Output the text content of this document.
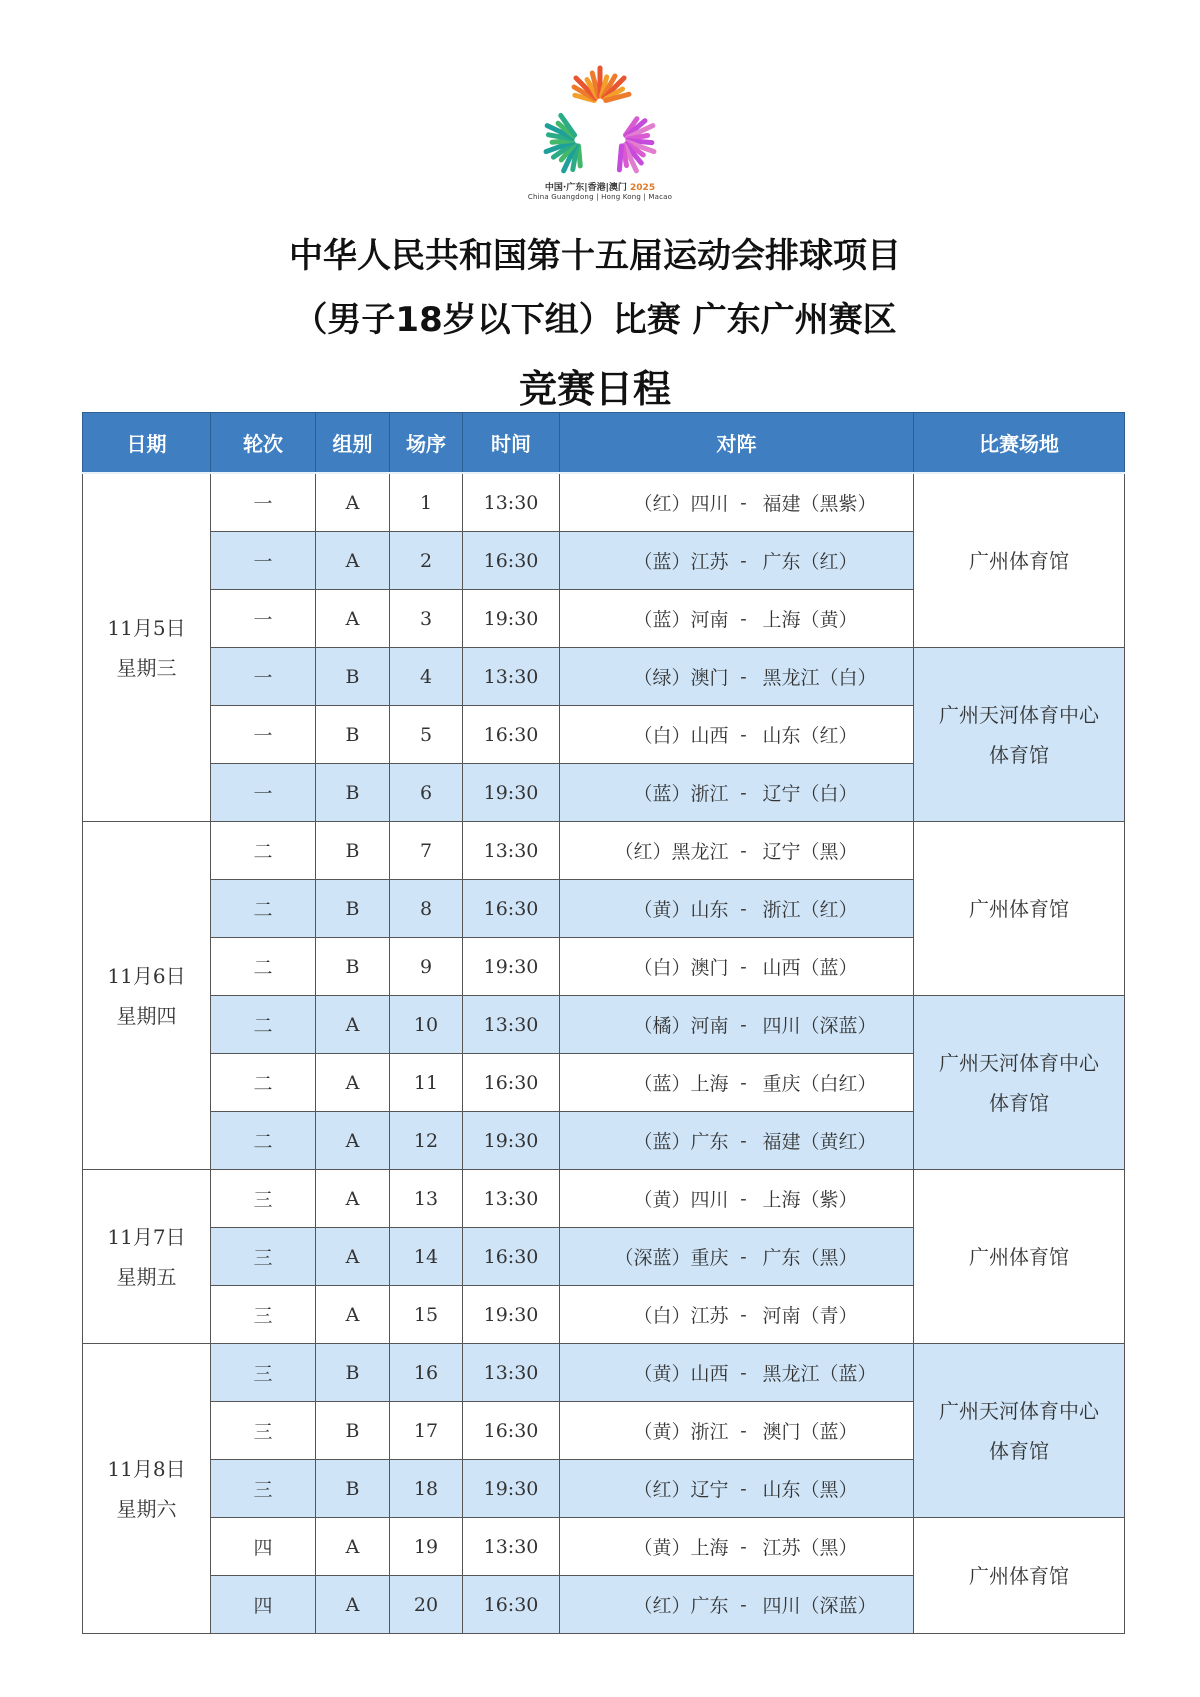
中国·广东|香港|澳门 2025
China Guangdong | Hong Kong | Macao
中华人民共和国第十五届运动会排球项目
（男子18岁以下组）比赛 广东广州赛区
竞赛日程
日期	轮次	组别	场序	时间	对阵			比赛场地

11月5日
星期三	一	A	1	13:30	（红）四川	-	福建（黑紫）	广州体育馆

	一	A	2	16:30	（蓝）江苏	-	广东（红）	
	一	A	3	19:30	（蓝）河南	-	上海（黄）	
	一	B	4	13:30	（绿）澳门	-	黑龙江（白）	广州天河体育中心体育馆

	一	B	5	16:30	（白）山西	-	山东（红）	
	一	B	6	19:30	（蓝）浙江	-	辽宁（白）	

11月6日
星期四	二	B	7	13:30	（红）黑龙江	-	辽宁（黑）	广州体育馆

	二	B	8	16:30	（黄）山东	-	浙江（红）	
	二	B	9	19:30	（白）澳门	-	山西（蓝）	
	二	A	10	13:30	（橘）河南	-	四川（深蓝）	广州天河体育中心体育馆

	二	A	11	16:30	（蓝）上海	-	重庆（白红）	
	二	A	12	19:30	（蓝）广东	-	福建（黄红）	

11月7日
星期五	三	A	13	13:30	（黄）四川	-	上海（紫）	广州体育馆

	三	A	14	16:30	（深蓝）重庆	-	广东（黑）	
	三	A	15	19:30	（白）江苏	-	河南（青）	

11月8日
星期六	三	B	16	13:30	（黄）山西	-	黑龙江（蓝）	广州天河体育中心体育馆

	三	B	17	16:30	（黄）浙江	-	澳门（蓝）	
	三	B	18	19:30	（红）辽宁	-	山东（黑）	
	四	A	19	13:30	（黄）上海	-	江苏（黑）	广州体育馆

	四	A	20	16:30	（红）广东	-	四川（深蓝）	
